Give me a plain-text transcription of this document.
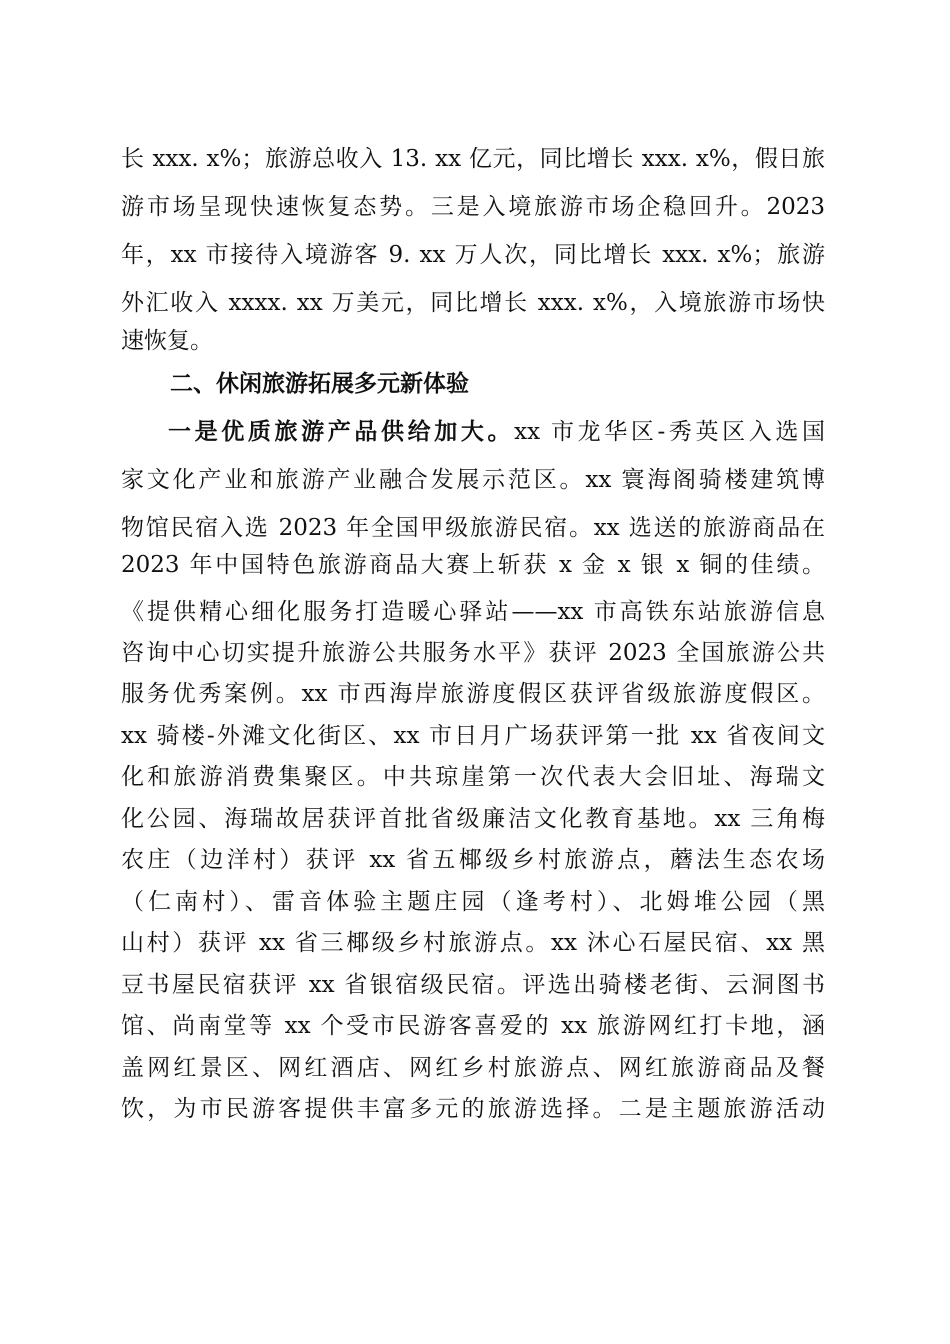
长 xxx. x%；旅游总收入 13. xx 亿元，同比增长 xxx. x%，假日旅
游市场呈现快速恢复态势。三是入境旅游市场企稳回升。2023
年，xx 市接待入境游客 9. xx 万人次，同比增长 xxx. x%；旅游
外汇收入 xxxx. xx 万美元，同比增长 xxx. x%，入境旅游市场快
速恢复。
二、休闲旅游拓展多元新体验
一是优质旅游产品供给加大。xx 市龙华区-秀英区入选国
家文化产业和旅游产业融合发展示范区。xx 寰海阁骑楼建筑博
物馆民宿入选 2023 年全国甲级旅游民宿。xx 选送的旅游商品在
2023 年中国特色旅游商品大赛上斩获 x 金 x 银 x 铜的佳绩。
《提供精心细化服务打造暖心驿站——xx 市高铁东站旅游信息
咨询中心切实提升旅游公共服务水平》获评 2023 全国旅游公共
服务优秀案例。xx 市西海岸旅游度假区获评省级旅游度假区。
xx 骑楼-外滩文化街区、xx 市日月广场获评第一批 xx 省夜间文
化和旅游消费集聚区。中共琼崖第一次代表大会旧址、海瑞文
化公园、海瑞故居获评首批省级廉洁文化教育基地。xx 三角梅
农庄（边洋村）获评 xx 省五椰级乡村旅游点，蘑法生态农场
（仁南村）、雷音体验主题庄园（逢考村）、北姆堆公园（黑
山村）获评 xx 省三椰级乡村旅游点。xx 沐心石屋民宿、xx 黑
豆书屋民宿获评 xx 省银宿级民宿。评选出骑楼老街、云洞图书
馆、尚南堂等 xx 个受市民游客喜爱的 xx 旅游网红打卡地，涵
盖网红景区、网红酒店、网红乡村旅游点、网红旅游商品及餐
饮，为市民游客提供丰富多元的旅游选择。二是主题旅游活动
